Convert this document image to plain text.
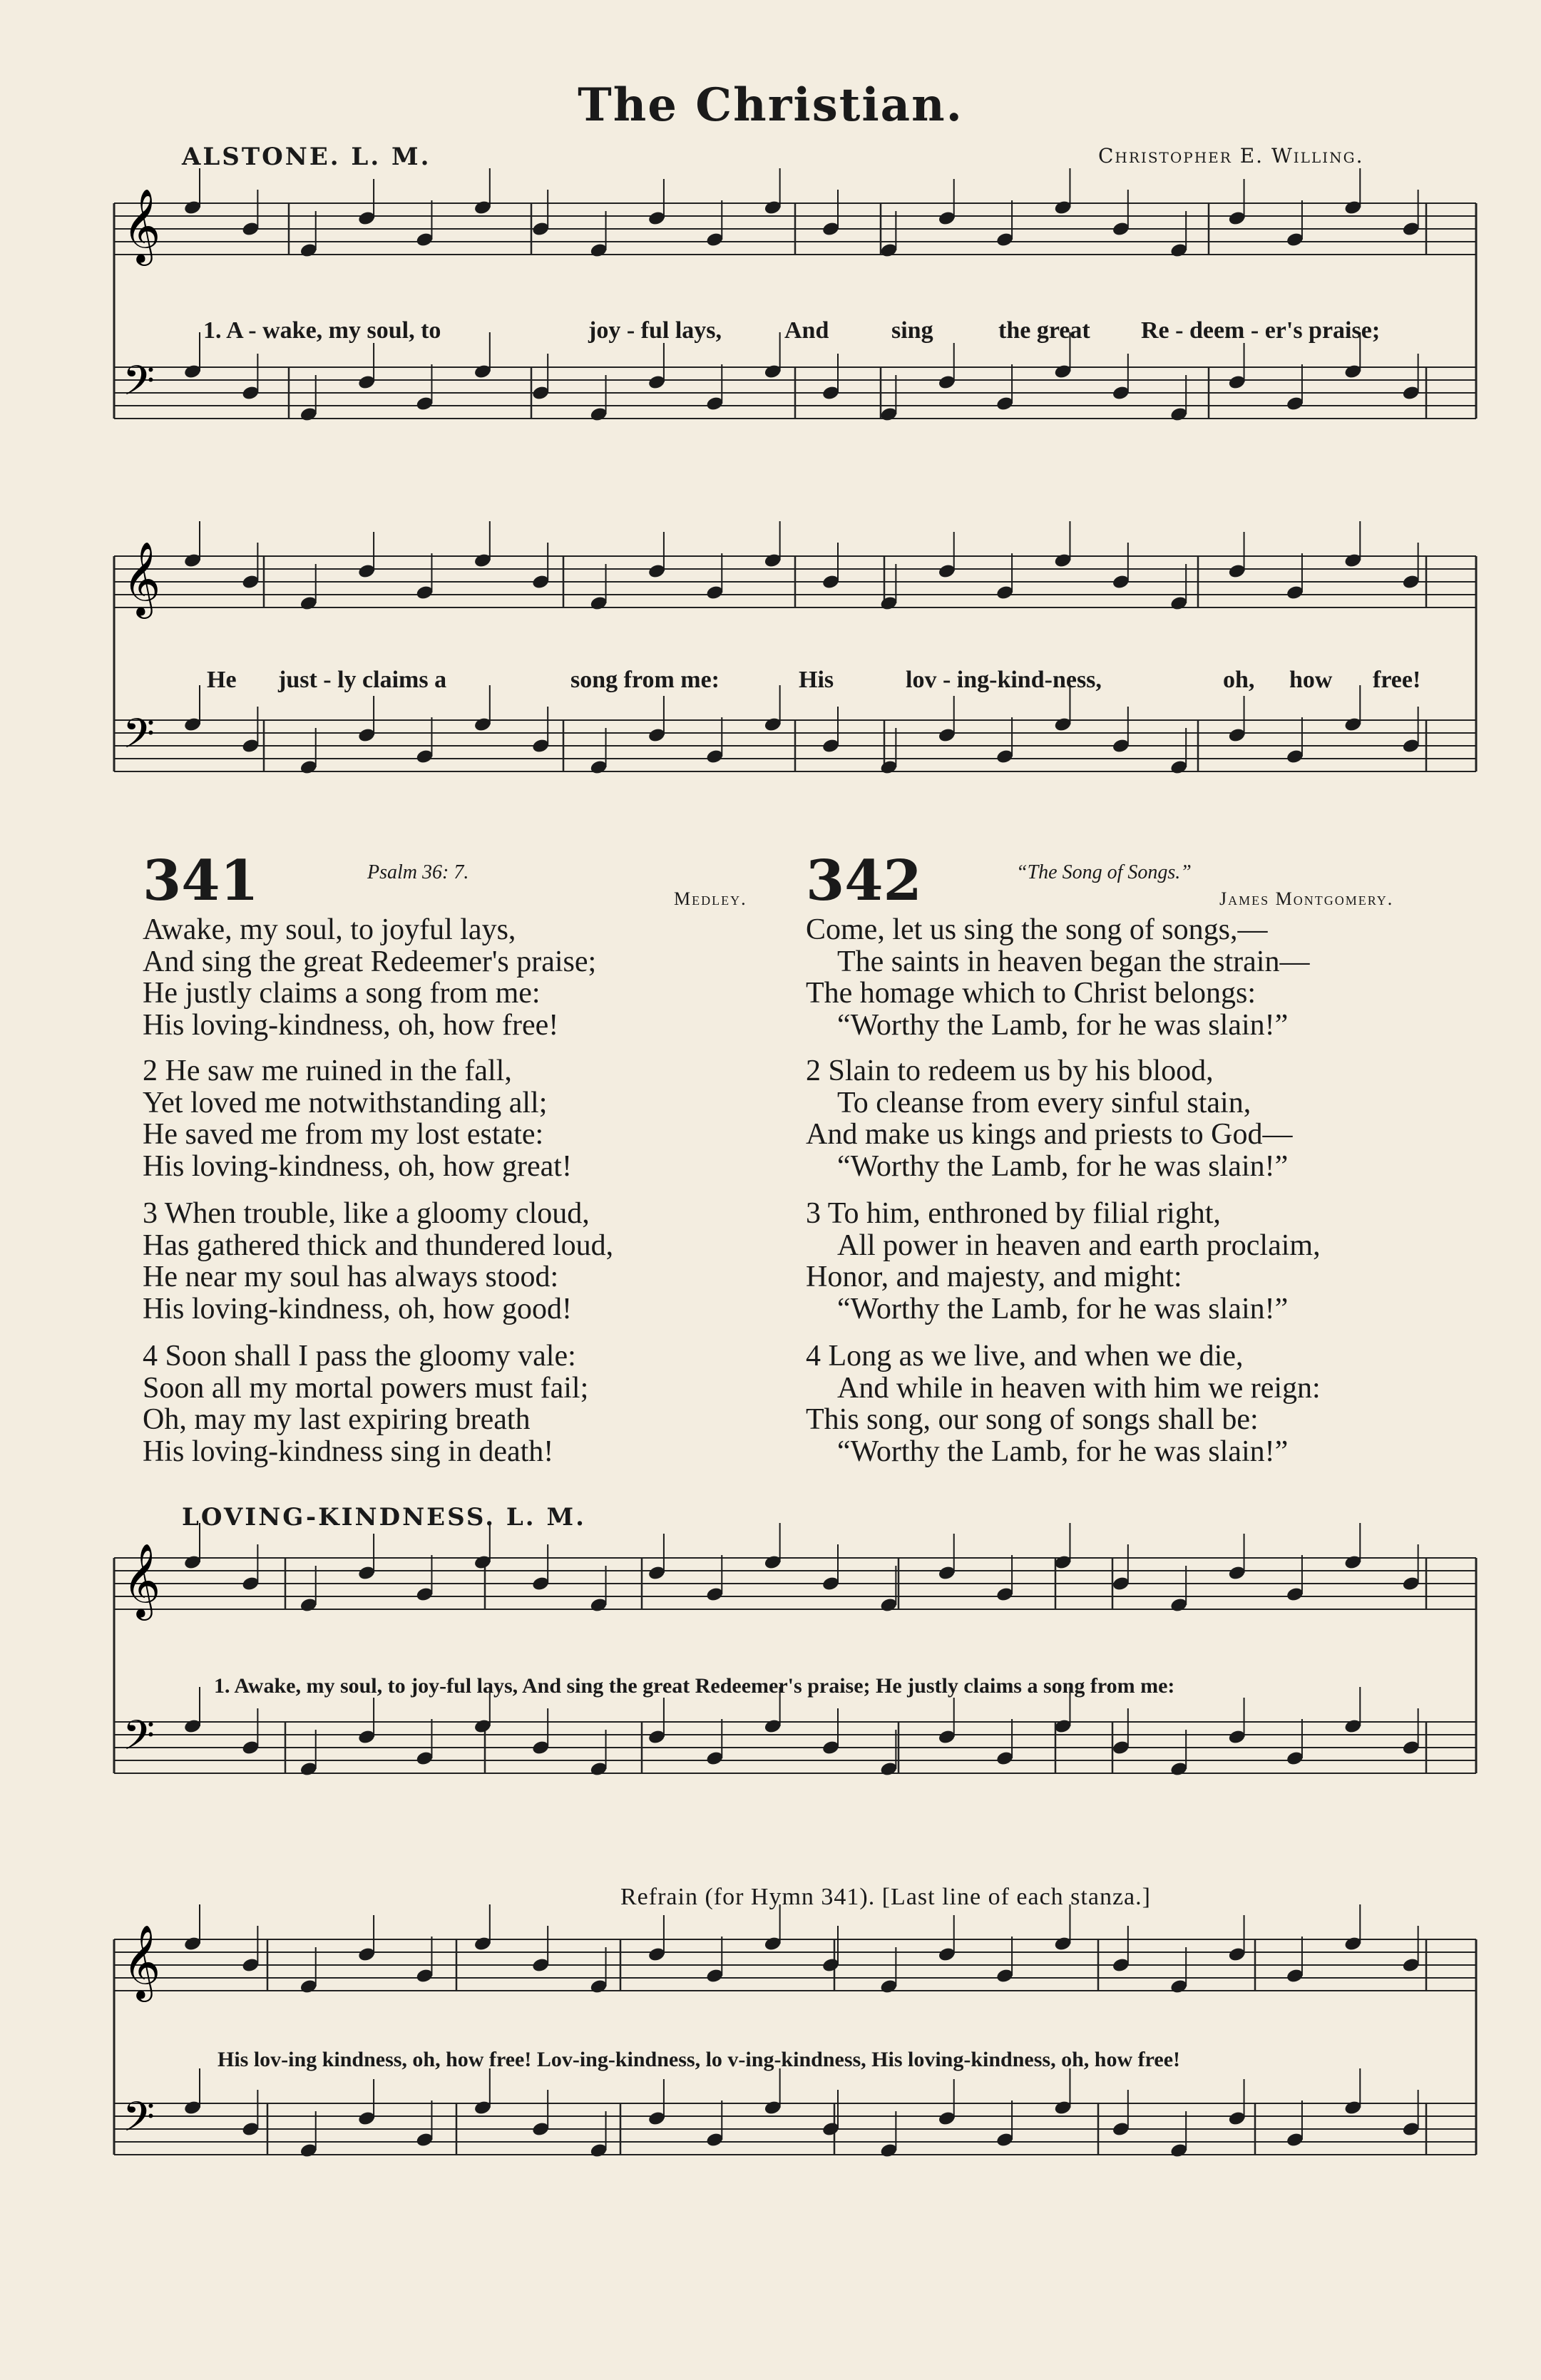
The Christian.
ALSTONE. L. M.	Christopher E. Willing.
𝄞
𝄢
𝄞
𝄢
𝄞
𝄢
𝄞
𝄢
1. A - wake, my soul, to	joy - ful lays,	And	sing	the great Re - deem - er's praise;
He just - ly claims a	song from me:	His	lov - ing-kind-ness,	oh, how free!
341	Psalm 36: 7.
Medley.
Awake, my soul, to joyful lays,
And sing the great Redeemer's praise;
He justly claims a song from me:
His loving-kindness, oh, how free!
2 He saw me ruined in the fall,
Yet loved me notwithstanding all;
He saved me from my lost estate:
His loving-kindness, oh, how great!
3 When trouble, like a gloomy cloud,
Has gathered thick and thundered loud,
He near my soul has always stood:
His loving-kindness, oh, how good!
4 Soon shall I pass the gloomy vale:
Soon all my mortal powers must fail;
Oh, may my last expiring breath
His loving-kindness sing in death!
342	“The Song of Songs.”
James Montgomery.
Come, let us sing the song of songs,—
The saints in heaven began the strain—
The homage which to Christ belongs:
“Worthy the Lamb, for he was slain!”
2 Slain to redeem us by his blood,
To cleanse from every sinful stain,
And make us kings and priests to God—
“Worthy the Lamb, for he was slain!”
3 To him, enthroned by filial right,
All power in heaven and earth proclaim,
Honor, and majesty, and might:
“Worthy the Lamb, for he was slain!”
4 Long as we live, and when we die,
And while in heaven with him we reign:
This song, our song of songs shall be:
“Worthy the Lamb, for he was slain!”
LOVING-KINDNESS. L. M.
1. Awake, my soul, to joy-ful lays, And sing the great Redeemer's praise; He justly claims a song from me:
Refrain (for Hymn 341). [Last line of each stanza.]
His lov-ing kindness, oh, how free! Lov-ing-kindness, lo v-ing-kindness, His loving-kindness, oh, how free!
